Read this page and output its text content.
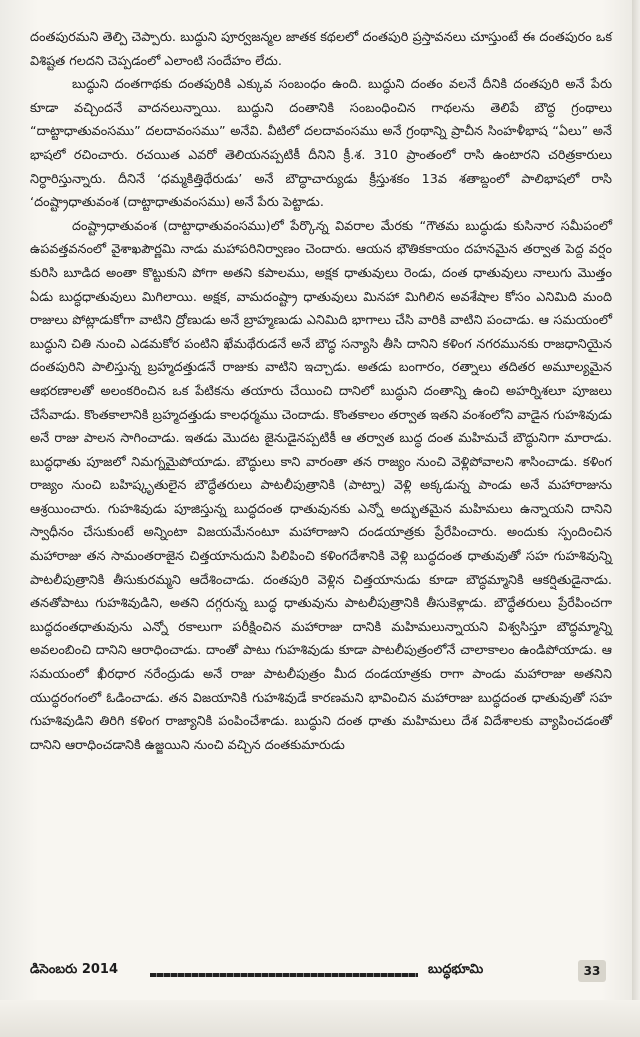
దంతపురమని తెల్పి చెప్పారు. బుద్ధుని పూర్వజన్మల జాతక కథలలో దంతపురి ప్రస్తావనలు చూస్తుంటే ఈ దంతపురం ఒక విశిష్టత గలదని చెప్పడంలో ఎలాంటి సందేహం లేదు.

బుద్ధుని దంతగాథకు దంతపురికి ఎక్కువ సంబంధం ఉంది. బుద్ధుని దంతం వలనే దీనికి దంతపురి అనే పేరు కూడా వచ్చిందనే వాదనలున్నాయి. బుద్ధుని దంతానికి సంబంధించిన గాథలను తెలిపే బౌద్ధ గ్రంథాలు “దాట్టాధాతువంసము” దలదావంసము” అనేవి. వీటిలో దలదావంసము అనే గ్రంథాన్ని ప్రాచీన సింహళీభాష “ఏలు” అనే భాషలో రచించారు. రచయిత ఎవరో తెలియనప్పటికీ దీనిని క్రీ.శ. 310 ప్రాంతంలో రాసి ఉంటారని చరిత్రకారులు నిర్ధారిస్తున్నారు. దీనినే ‘ధమ్మకిత్తిథేరుడు’ అనే బౌద్ధాచార్యుడు క్రీస్తుశకం 13వ శతాబ్దంలో పాలిభాషలో రాసి ‘దంష్ట్రాధాతువంశ (దాట్టాధాతువంసము) అనే పేరు పెట్టాడు.

దంష్ట్రాధాతువంశ (దాట్టాధాతువంసము)లో పేర్కొన్న వివరాల మేరకు “గౌతమ బుద్ధుడు కుసినార సమీపంలో ఉపవత్తవనంలో వైశాఖపౌర్ణమి నాడు మహాపరినిర్వాణం చెందారు. ఆయన భౌతికకాయం దహనమైన తర్వాత పెద్ద వర్షం కురిసి బూడిద అంతా కొట్టుకుని పోగా అతని కపాలము, అక్షక ధాతువులు రెండు, దంత ధాతువులు నాలుగు మొత్తం ఏడు బుద్ధధాతువులు మిగిలాయి. అక్షక, వామదంష్ట్రా ధాతువులు మినహా మిగిలిన అవశేషాల కోసం ఎనిమిది మంది రాజులు పోట్లాడుకోగా వాటిని ద్రోణుడు అనే బ్రాహ్మణుడు ఎనిమిది భాగాలు చేసి వారికి వాటిని పంచాడు. ఆ సమయంలో బుద్ధుని చితి నుంచి ఎడమకోర పంటిని ఖేమథేరుడనే అనే బౌద్ధ సన్యాసి తీసి దానిని కళింగ నగరమునకు రాజధానియైన దంతపురిని పాలిస్తున్న బ్రహ్మదత్తుడనే రాజుకు వాటిని ఇచ్చాడు. అతడు బంగారం, రత్నాలు తదితర అమూల్యమైన ఆభరణాలతో అలంకరించిన ఒక పేటికను తయారు చేయించి దానిలో బుద్ధుని దంతాన్ని ఉంచి అహర్నిశలూ పూజలు చేసేవాడు. కొంతకాలానికి బ్రహ్మదత్తుడు కాలధర్మము చెందాడు. కొంతకాలం తర్వాత ఇతని వంశంలోని వాడైన గుహశివుడు అనే రాజు పాలన సాగించాడు. ఇతడు మొదట జైనుడైనప్పటికీ ఆ తర్వాత బుద్ధ దంత మహిమచే బౌద్ధునిగా మారాడు. బుద్ధధాతు పూజలో నిమగ్నమైపోయాడు. బౌద్ధులు కాని వారంతా తన రాజ్యం నుంచి వెళ్లిపోవాలని శాసించాడు. కళింగ రాజ్యం నుంచి బహిష్కృతులైన బౌద్ధేతరులు పాటలీపుత్రానికి (పాట్నా) వెళ్లి అక్కడున్న పాండు అనే మహారాజును ఆశ్రయించారు. గుహశివుడు పూజిస్తున్న బుద్ధదంత ధాతువునకు ఎన్నో అద్భుతమైన మహిమలు ఉన్నాయని దానిని స్వాధీనం చేసుకుంటే అన్నింటా విజయమేనంటూ మహారాజుని దండయాత్రకు ప్రేరేపించారు. అందుకు స్పందించిన మహారాజు తన సామంతరాజైన చిత్తయానుదుని పిలిపించి కళింగదేశానికి వెళ్లి బుద్ధదంత ధాతువుతో సహ గుహశివున్ని పాటలీపుత్రానికి తీసుకురమ్మని ఆదేశించాడు. దంతపురి వెళ్లిన చిత్తయానుడు కూడా బౌద్ధమ్మానికి ఆకర్షితుడైనాడు. తనతోపాటు గుహశివుడిని, అతని దగ్గరున్న బుద్ధ ధాతువును పాటలీపుత్రానికి తీసుకెళ్లాడు. బౌద్ధేతరులు ప్రేరేపించగా బుద్ధదంతధాతువును ఎన్నో రకాలుగా పరీక్షించిన మహారాజు దానికి మహిమలున్నాయని విశ్వసిస్తూ బౌద్ధమ్మాన్ని అవలంబించి దానిని ఆరాధించాడు. దాంతో పాటు గుహశివుడు కూడా పాటలీపుత్రంలోనే చాలాకాలం ఉండిపోయాడు. ఆ సమయంలో ఖీరధార నరేంద్రుడు అనే రాజు పాటలీపుత్రం మీద దండయాత్రకు రాగా పాండు మహారాజు అతనిని యుద్ధరంగంలో ఓడించాడు. తన విజయానికి గుహశివుడే కారణమని భావించిన మహారాజు బుద్ధదంత ధాతువుతో సహ గుహశివుడిని తిరిగి కళింగ రాజ్యానికి పంపించేశాడు. బుద్ధుని దంత ధాతు మహిమలు దేశ విదేశాలకు వ్యాపించడంతో దానిని ఆరాధించడానికి ఉజ్జయిని నుంచి వచ్చిన దంతకుమారుడు

డిసెంబరు 2014	బుద్ధభూమి	33
